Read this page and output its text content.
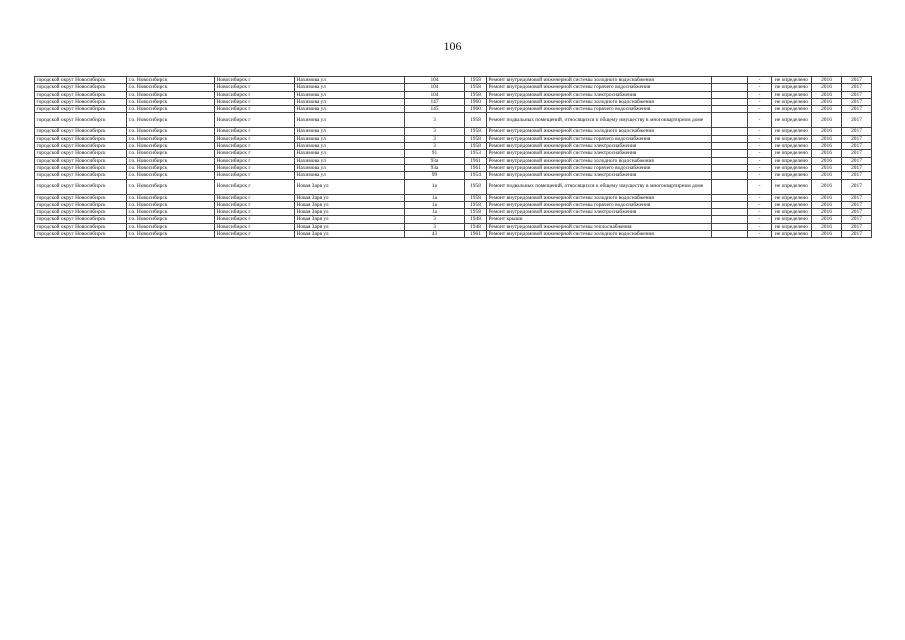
106
городской округ Новосибирск	г.о. Новосибирск	Новосибирск г	Нахимова ул	104	1958	Ремонт внутридомовой инженерной системы холодного водоснабжения		-	не определено	2016	2017
городской округ Новосибирск	г.о. Новосибирск	Новосибирск г	Нахимова ул	104	1958	Ремонт внутридомовой инженерной системы горячего водоснабжения		-	не определено	2016	2017
городской округ Новосибирск	г.о. Новосибирск	Новосибирск г	Нахимова ул	104	1958	Ремонт внутридомовой инженерной системы электроснабжения		-	не определено	2016	2017
городской округ Новосибирск	г.о. Новосибирск	Новосибирск г	Нахимова ул	147	1960	Ремонт внутридомовой инженерной системы холодного водоснабжения		-	не определено	2016	2017
городской округ Новосибирск	г.о. Новосибирск	Новосибирск г	Нахимова ул	145	1960	Ремонт внутридомовой инженерной системы горячего водоснабжения		-	не определено	2016	2017
городской округ Новосибирск	г.о. Новосибирск	Новосибирск г	Нахимова ул	3	1958	Ремонт подвальных помещений, относящихся к общему имуществу в многоквартирном доме		-	не определено	2016	2017
городской округ Новосибирск	г.о. Новосибирск	Новосибирск г	Нахимова ул	3	1958	Ремонт внутридомовой инженерной системы холодного водоснабжения		-	не определено	2016	2017
городской округ Новосибирск	г.о. Новосибирск	Новосибирск г	Нахимова ул	3	1958	Ремонт внутридомовой инженерной системы горячего водоснабжения		-	не определено	2016	2017
городской округ Новосибирск	г.о. Новосибирск	Новосибирск г	Нахимова ул	3	1958	Ремонт внутридомовой инженерной системы электроснабжения		-	не определено	2016	2017
городской округ Новосибирск	г.о. Новосибирск	Новосибирск г	Нахимова ул	91	1953	Ремонт внутридомовой инженерной системы электроснабжения		-	не определено	2016	2017
городской округ Новосибирск	г.о. Новосибирск	Новосибирск г	Нахимова ул	93а	1961	Ремонт внутридомовой инженерной системы холодного водоснабжения		-	не определено	2016	2017
городской округ Новосибирск	г.о. Новосибирск	Новосибирск г	Нахимова ул	93а	1961	Ремонт внутридомовой инженерной системы горячего водоснабжения		-	не определено	2016	2017
городской округ Новосибирск	г.о. Новосибирск	Новосибирск г	Нахимова ул	99	1954	Ремонт внутридомовой инженерной системы электроснабжения		-	не определено	2016	2017
городской округ Новосибирск	г.о. Новосибирск	Новосибирск г	Новая Заря ул	1а	1958	Ремонт подвальных помещений, относящихся к общему имуществу в многоквартирном доме		-	не определено	2016	2017
городской округ Новосибирск	г.о. Новосибирск	Новосибирск г	Новая Заря ул	1а	1958	Ремонт внутридомовой инженерной системы холодного водоснабжения		-	не определено	2016	2017
городской округ Новосибирск	г.о. Новосибирск	Новосибирск г	Новая Заря ул	1а	1958	Ремонт внутридомовой инженерной системы горячего водоснабжения		-	не определено	2016	2017
городской округ Новосибирск	г.о. Новосибирск	Новосибирск г	Новая Заря ул	1а	1958	Ремонт внутридомовой инженерной системы электроснабжения		-	не определено	2016	2017
городской округ Новосибирск	г.о. Новосибирск	Новосибирск г	Новая Заря ул	3	1948	Ремонт крыши		-	не определено	2016	2017
городской округ Новосибирск	г.о. Новосибирск	Новосибирск г	Новая Заря ул	3	1948	Ремонт внутридомовой инженерной системы теплоснабжения		-	не определено	2016	2017
городской округ Новосибирск	г.о. Новосибирск	Новосибирск г	Новая Заря ул	43	1961	Ремонт внутридомовой инженерной системы холодного водоснабжения		-	не определено	2016	2017
